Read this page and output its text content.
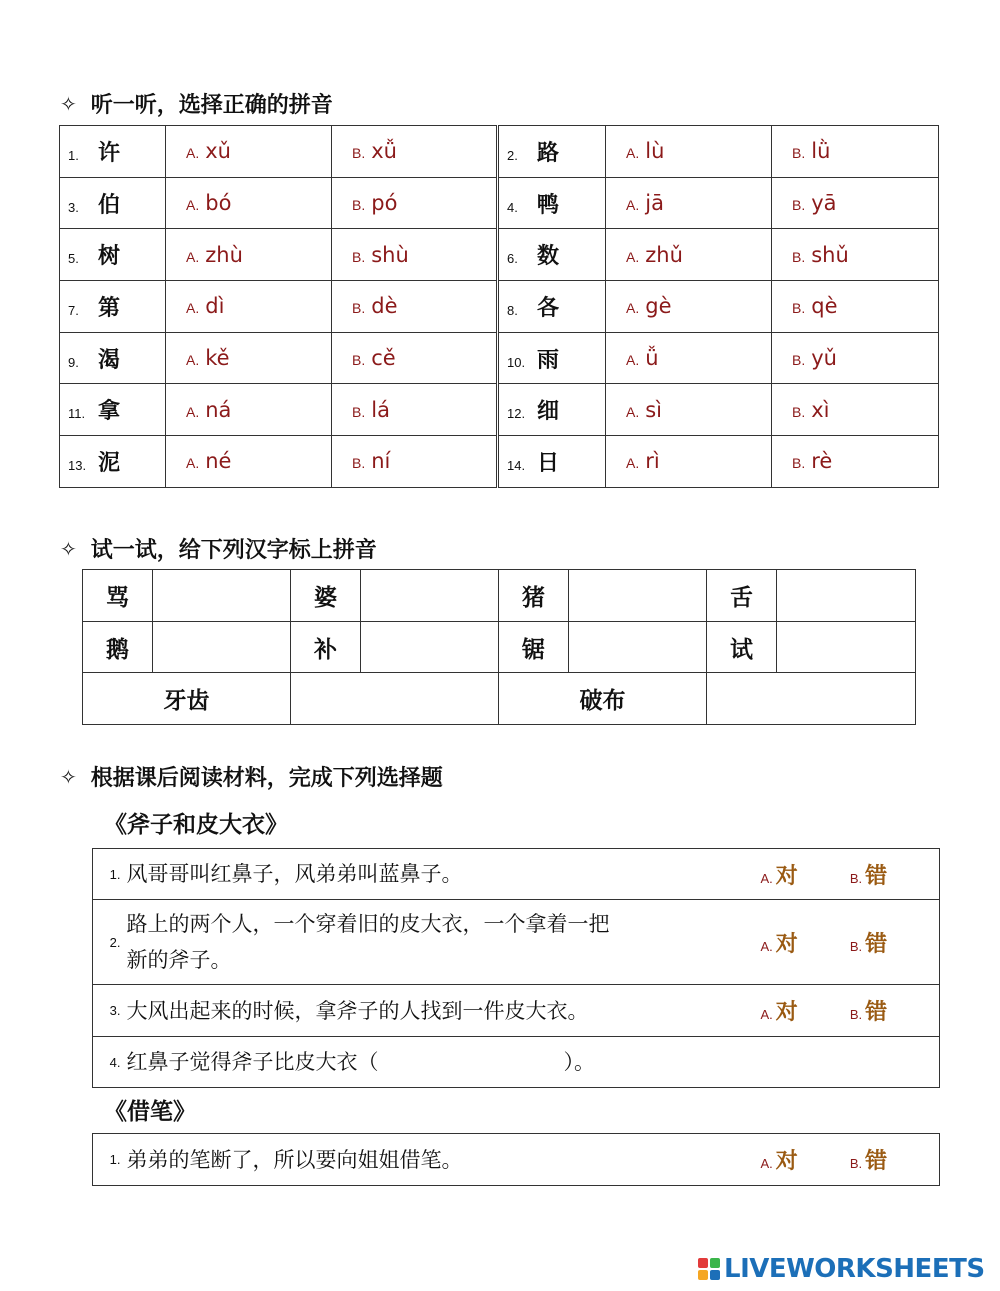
✧ 听一听，选择正确的拼音
1. 许	A. xǔ	B. xǚ	2. 路	A. lù	B. lǜ
3. 伯	A. bó	B. pó	4. 鸭	A. jā	B. yā
5. 树	A. zhù	B. shù	6. 数	A. zhǔ	B. shǔ
7. 第	A. dì	B. dè	8. 各	A. gè	B. qè
9. 渴	A. kě	B. cě	10. 雨	A. ǚ	B. yǔ
11. 拿	A. ná	B. lá	12. 细	A. sì	B. xì
13. 泥	A. né	B. ní	14. 日	A. rì	B. rè
✧ 试一试，给下列汉字标上拼音
骂		婆		猪		舌	
鹅		补		锯		试	
牙齿				破布			
✧ 根据课后阅读材料，完成下列选择题
《斧子和皮大衣》
1.	风哥哥叫红鼻子，风弟弟叫蓝鼻子。	A. 对 B. 错
2.	路上的两个人，一个穿着旧的皮大衣，一个拿着一把
新的斧子。	A. 对 B. 错
3.	大风出起来的时候，拿斧子的人找到一件皮大衣。	A. 对 B. 错
4.	红鼻子觉得斧子比皮大衣（ ）。	
《借笔》
1.	弟弟的笔断了，所以要向姐姐借笔。	A. 对	B. 错
LIVEWORKSHEETS
